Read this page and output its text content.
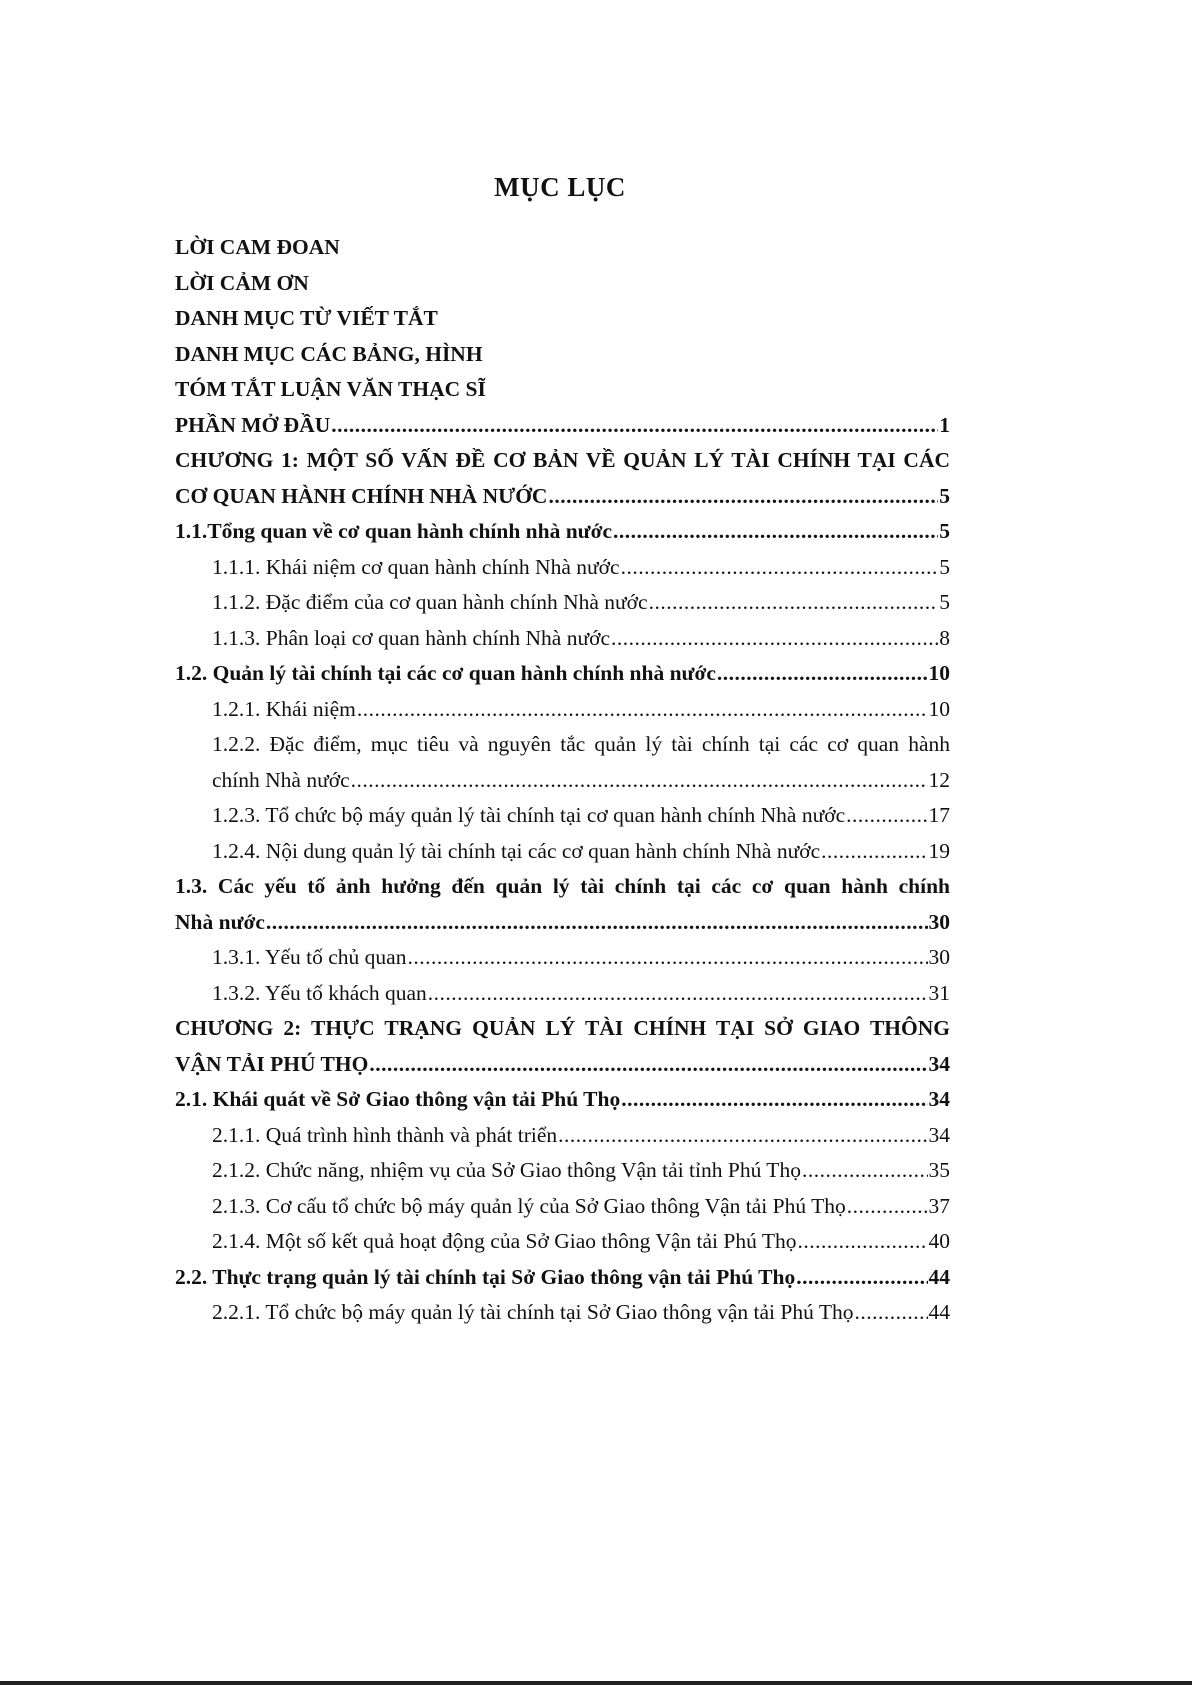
MỤC LỤC
LỜI CAM ĐOAN
LỜI CẢM ƠN
DANH MỤC TỪ VIẾT TẮT
DANH MỤC CÁC BẢNG, HÌNH
TÓM TẮT LUẬN VĂN THẠC SĨ
PHẦN MỞ ĐẦU .....	1
CHƯƠNG 1: MỘT SỐ VẤN ĐỀ CƠ BẢN VỀ QUẢN LÝ TÀI CHÍNH TẠI CÁC
CƠ QUAN HÀNH CHÍNH NHÀ NƯỚC .....	5
1.1.Tổng quan về cơ quan hành chính nhà nước .....	5
1.1.1. Khái niệm cơ quan hành chính Nhà nước .....	5
1.1.2. Đặc điểm của cơ quan hành chính Nhà nước .....	5
1.1.3. Phân loại cơ quan hành chính Nhà nước .....	8
1.2. Quản lý tài chính tại các cơ quan hành chính nhà nước .....	10
1.2.1. Khái niệm .....	10
1.2.2. Đặc điểm, mục tiêu và nguyên tắc quản lý tài chính tại các cơ quan hành
chính Nhà nước .....	12
1.2.3. Tổ chức bộ máy quản lý tài chính tại cơ quan hành chính Nhà nước .....	17
1.2.4. Nội dung quản lý tài chính tại các cơ quan hành chính Nhà nước .....	19
1.3. Các yếu tố ảnh hưởng đến quản lý tài chính tại các cơ quan hành chính
Nhà nước .....	30
1.3.1. Yếu tố chủ quan .....	30
1.3.2. Yếu tố khách quan .....	31
CHƯƠNG 2: THỰC TRẠNG QUẢN LÝ TÀI CHÍNH TẠI SỞ GIAO THÔNG
VẬN TẢI PHÚ THỌ .....	34
2.1. Khái quát về Sở Giao thông vận tải Phú Thọ .....	34
2.1.1. Quá trình hình thành và phát triển .....	34
2.1.2. Chức năng, nhiệm vụ của Sở Giao thông Vận tải tỉnh Phú Thọ .....	35
2.1.3. Cơ cấu tổ chức bộ máy quản lý của Sở Giao thông Vận tải Phú Thọ .....	37
2.1.4. Một số kết quả hoạt động của Sở Giao thông Vận tải Phú Thọ .....	40
2.2. Thực trạng quản lý tài chính tại Sở Giao thông vận tải Phú Thọ .....	44
2.2.1. Tổ chức bộ máy quản lý tài chính tại Sở Giao thông vận tải Phú Thọ .....	44
